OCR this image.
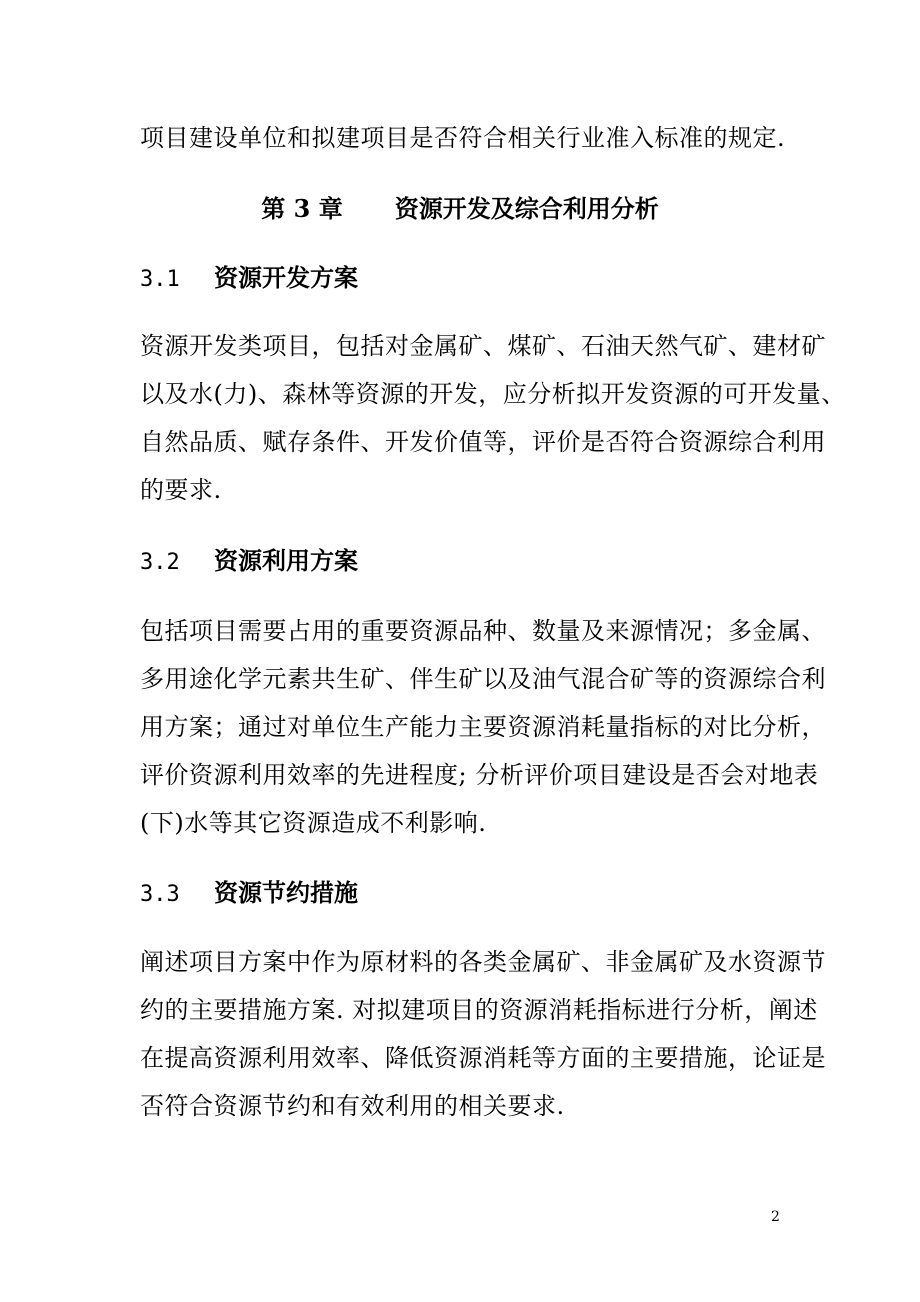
项目建设单位和拟建项目是否符合相关行业准入标准的规定.

第 3 章 资源开发及综合利用分析
3.1 资源开发方案

资源开发类项目，包括对金属矿、煤矿、石油天然气矿、建材矿
以及水(力)、森林等资源的开发，应分析拟开发资源的可开发量、
自然品质、赋存条件、开发价值等，评价是否符合资源综合利用
的要求.

3.2 资源利用方案

包括项目需要占用的重要资源品种、数量及来源情况；多金属、
多用途化学元素共生矿、伴生矿以及油气混合矿等的资源综合利
用方案；通过对单位生产能力主要资源消耗量指标的对比分析，
评价资源利用效率的先进程度; 分析评价项目建设是否会对地表
(下)水等其它资源造成不利影响.

3.3 资源节约措施

阐述项目方案中作为原材料的各类金属矿、非金属矿及水资源节
约的主要措施方案. 对拟建项目的资源消耗指标进行分析，阐述
在提高资源利用效率、降低资源消耗等方面的主要措施，论证是
否符合资源节约和有效利用的相关要求.

2
